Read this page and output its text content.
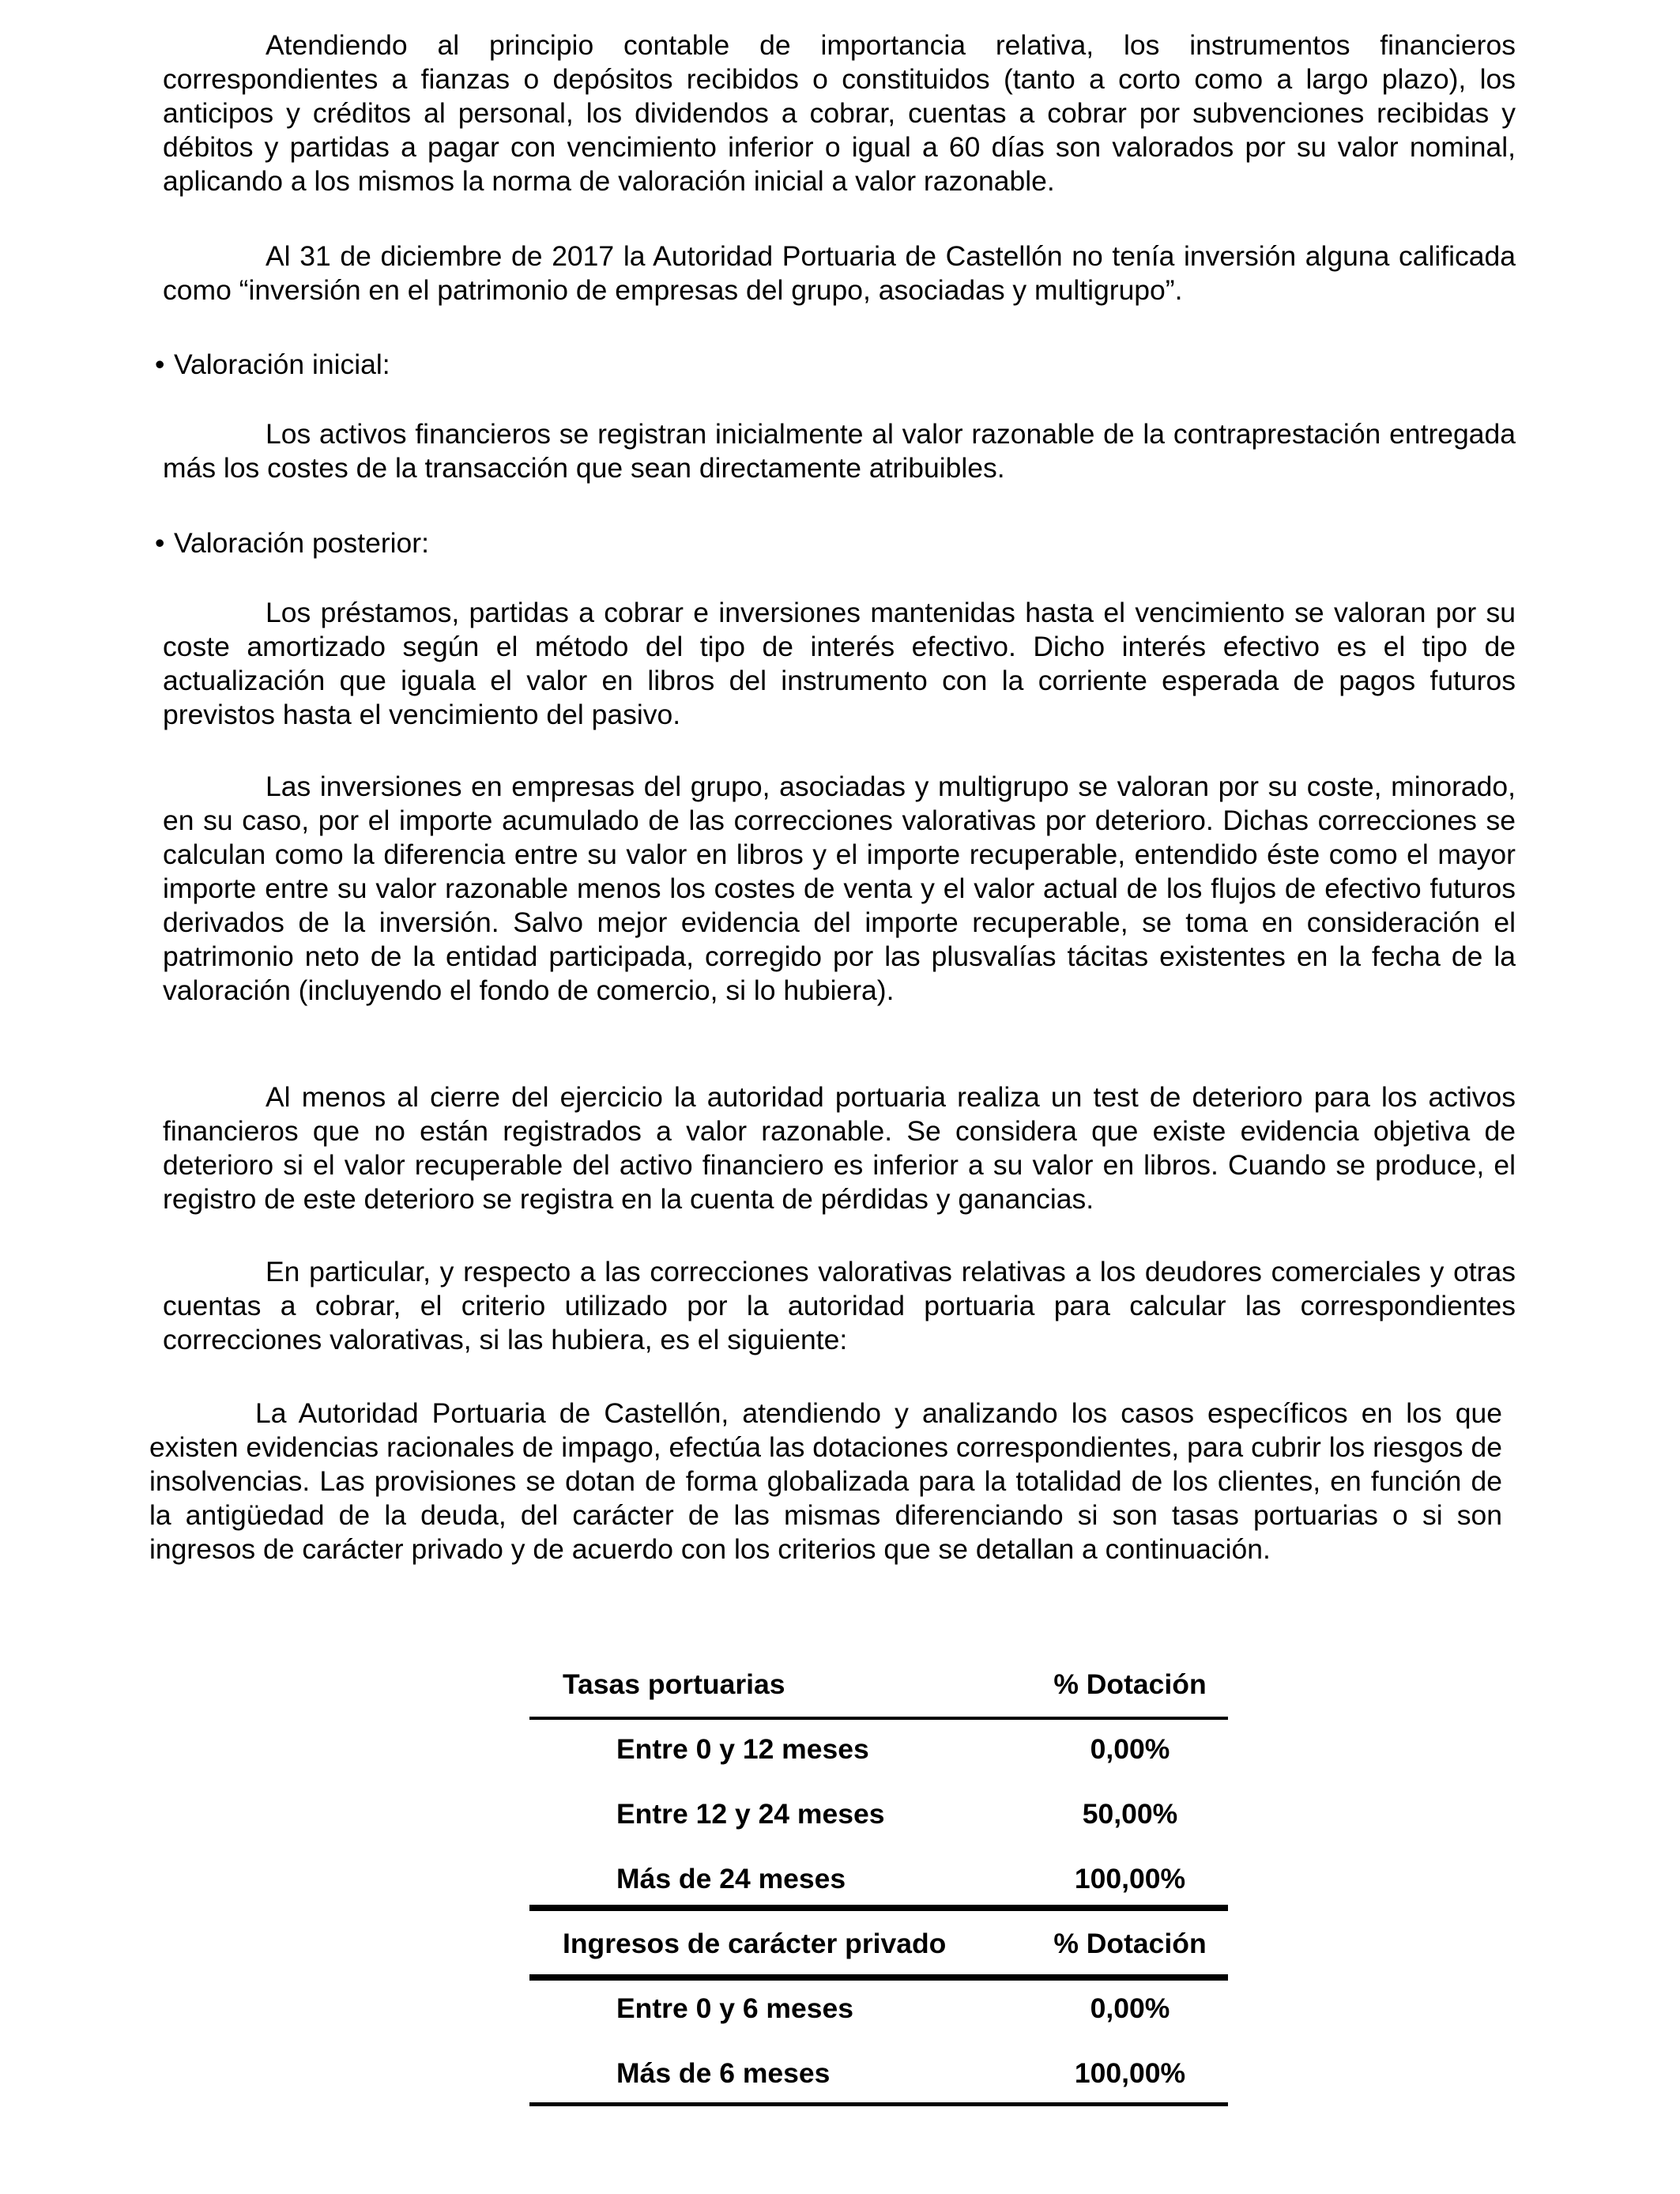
Atendiendo al principio contable de importancia relativa, los instrumentos financieros correspondientes a fianzas o depósitos recibidos o constituidos (tanto a corto como a largo plazo), los anticipos y créditos al personal, los dividendos a cobrar, cuentas a cobrar por subvenciones recibidas y débitos y partidas a pagar con vencimiento inferior o igual a 60 días son valorados por su valor nominal, aplicando a los mismos la norma de valoración inicial a valor razonable.

Al 31 de diciembre de 2017 la Autoridad Portuaria de Castellón no tenía inversión alguna calificada como “inversión en el patrimonio de empresas del grupo, asociadas y multigrupo”.

• Valoración inicial:

Los activos financieros se registran inicialmente al valor razonable de la contraprestación entregada más los costes de la transacción que sean directamente atribuibles.

• Valoración posterior:

Los préstamos, partidas a cobrar e inversiones mantenidas hasta el vencimiento se valoran por su coste amortizado según el método del tipo de interés efectivo. Dicho interés efectivo es el tipo de actualización que iguala el valor en libros del instrumento con la corriente esperada de pagos futuros previstos hasta el vencimiento del pasivo.

Las inversiones en empresas del grupo, asociadas y multigrupo se valoran por su coste, minorado, en su caso, por el importe acumulado de las correcciones valorativas por deterioro. Dichas correcciones se calculan como la diferencia entre su valor en libros y el importe recuperable, entendido éste como el mayor importe entre su valor razonable menos los costes de venta y el valor actual de los flujos de efectivo futuros derivados de la inversión. Salvo mejor evidencia del importe recuperable, se toma en consideración el patrimonio neto de la entidad participada, corregido por las plusvalías tácitas existentes en la fecha de la valoración (incluyendo el fondo de comercio, si lo hubiera).

Al menos al cierre del ejercicio la autoridad portuaria realiza un test de deterioro para los activos financieros que no están registrados a valor razonable. Se considera que existe evidencia objetiva de deterioro si el valor recuperable del activo financiero es inferior a su valor en libros. Cuando se produce, el registro de este deterioro se registra en la cuenta de pérdidas y ganancias.

En particular, y respecto a las correcciones valorativas relativas a los deudores comerciales y otras cuentas a cobrar, el criterio utilizado por la autoridad portuaria para calcular las correspondientes correcciones valorativas, si las hubiera, es el siguiente:

La Autoridad Portuaria de Castellón, atendiendo y analizando los casos específicos en los que existen evidencias racionales de impago, efectúa las dotaciones correspondientes, para cubrir los riesgos de insolvencias. Las provisiones se dotan de forma globalizada para la totalidad de los clientes, en función de la antigüedad de la deuda, del carácter de las mismas diferenciando si son tasas portuarias o si son ingresos de carácter privado y de acuerdo con los criterios que se detallan a continuación.

Tasas portuarias	% Dotación
Entre 0 y 12 meses	0,00%
Entre 12 y 24 meses	50,00%
Más de 24 meses	100,00%
Ingresos de carácter privado	% Dotación
Entre 0 y 6 meses	0,00%
Más de 6 meses	100,00%
